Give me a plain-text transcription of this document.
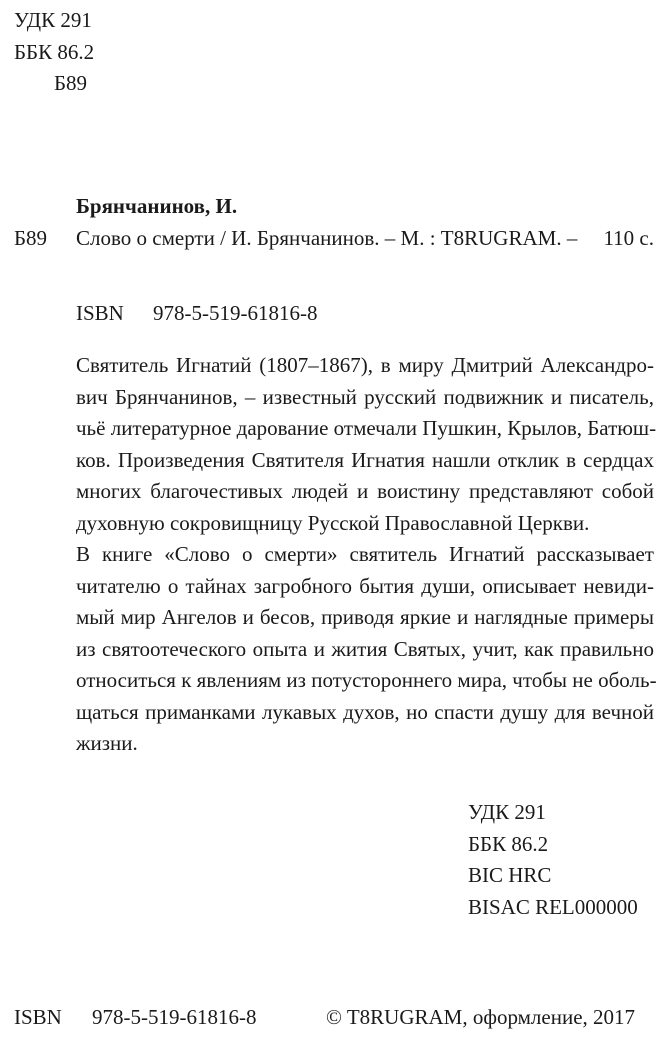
УДК 291
ББК 86.2
Б89
Брянчанинов, И.
Б89 Слово о смерти / И. Брянчанинов. – М. : T8RUGRAM. – 110 с.
ISBN 978-5-519-61816-8
Святитель Игнатий (1807–1867), в миру Дмитрий Александро-
вич Брянчанинов, – известный русский подвижник и писатель,
чьё литературное дарование отмечали Пушкин, Крылов, Батюш-
ков. Произведения Святителя Игнатия нашли отклик в сердцах
многих благочестивых людей и воистину представляют собой
духовную сокровищницу Русской Православной Церкви.
В книге «Слово о смерти» святитель Игнатий рассказывает
читателю о тайнах загробного бытия души, описывает невиди-
мый мир Ангелов и бесов, приводя яркие и наглядные примеры
из святоотеческого опыта и жития Святых, учит, как правильно
относиться к явлениям из потустороннего мира, чтобы не оболь-
щаться приманками лукавых духов, но спасти душу для вечной
жизни.
УДК 291
ББК 86.2
BIC HRC
BISAC REL000000
ISBN 978-5-519-61816-8	© T8RUGRAM, оформление, 2017
